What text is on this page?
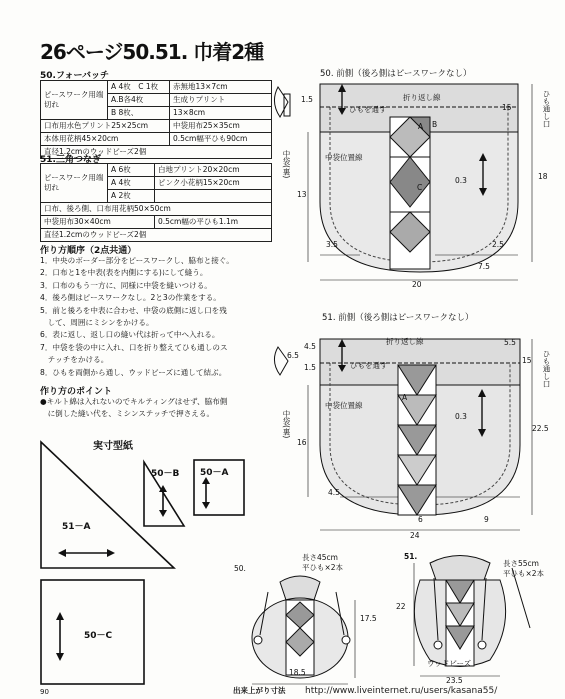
26ページ50.51. 巾着2種
50.フォーバッチ
ピースワーク用端切れ	A 4枚　C 1枚	赤無地13×7cm
	A.B各4枚	生成りプリント
	B 8枚、	13×8cm
口布用水色プリント25×25cm		中袋用布25×35cm
本体用花柄45×20cm		0.5cm幅平ひも90cm
直径1.2cmのウッドビーズ2個		
51.三角つなぎ
ピースワーク用端切れ	A 6枚	白地プリント20×20cm
	A 4枚	ピンク小花柄15×20cm
	A 2枚	
口布、後ろ側、口布用花柄50×50cm		
中袋用布30×40cm		0.5cm幅の平ひも1.1m
直径1.2cmのウッドビーズ2個		
作り方順序（2点共通）
1．中央のボーダー部分をピースワークし、脇布と接ぐ。
2．口布と1を中表(表を内側にする)にして縫う。
3．口布のもう一方に、同様に中袋を縫いつける。
4．後ろ側はピースワークなし。2と3の作業をする。
5．前と後ろを中表に合わせ、中袋の底側に返し口を残
　して、周囲にミシンをかける。
6．表に返し、返し口の縫い代は折って中へ入れる。
7．中袋を袋の中に入れ、口を折り整えてひも通しのス
　テッチをかける。
8．ひもを両側から通し、ウッドビーズに通して結ぶ。
作り方のポイント
●キルト綿は入れないのでキルティングはせず、脇布側
　に倒した縫い代を、ミシンステッチで押さえる。
実寸型紙
50－B 50－A
51－A
50－C
50. 前側（後ろ側はピースワークなし）
折り返し線
ひもを通す
中袋位置線
ひも通し口
中袋(裏)
A B
C
1.5
15
13
18
3.5	2.5
7.5
20
0.3
51. 前側（後ろ側はピースワークなし）
折り返し線
ひもを通す
中袋位置線
ひも通し口
中袋(裏)
A
6.5
4.5
1.5
15
16
22.5
4.5
6	9
24
0.3
5.5
50.
長さ45cm
平ひも×2本
17.5
18.5
51.
長さ55cm
平ひも×2本
22
ウッドビーズ
23.5
90	出来上がり寸法 http://www.liveinternet.ru/users/kasana55/
